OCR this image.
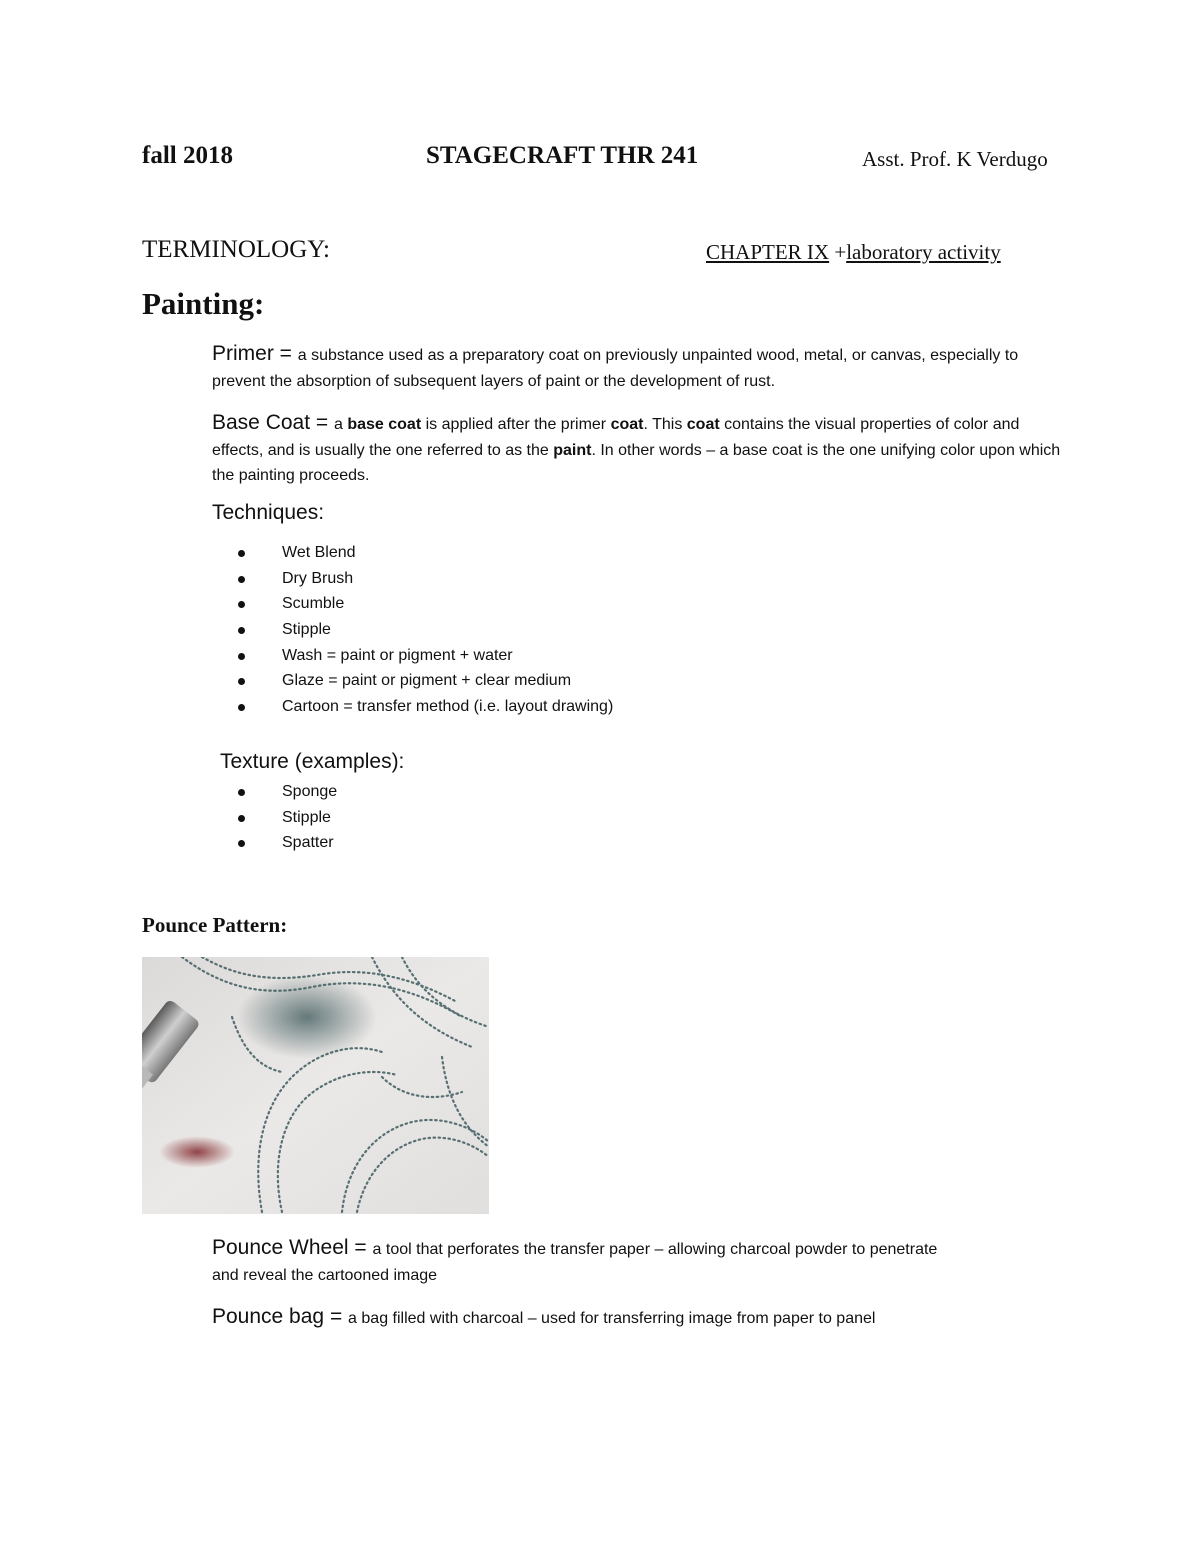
fall 2018	STAGECRAFT THR 241	Asst. Prof. K Verdugo
TERMINOLOGY:	CHAPTER IX +laboratory activity
Painting:
Primer = a substance used as a preparatory coat on previously unpainted wood, metal, or canvas, especially to prevent the absorption of subsequent layers of paint or the development of rust.
Base Coat = a base coat is applied after the primer coat. This coat contains the visual properties of color and effects, and is usually the one referred to as the paint. In other words – a base coat is the one unifying color upon which the painting proceeds.
Techniques:
Wet Blend
Dry Brush
Scumble
Stipple
Wash = paint or pigment + water
Glaze = paint or pigment + clear medium
Cartoon = transfer method (i.e. layout drawing)
Texture (examples):
Sponge
Stipple
Spatter
Pounce Pattern:
Pounce Wheel = a tool that perforates the transfer paper – allowing charcoal powder to penetrate and reveal the cartooned image
Pounce bag = a bag filled with charcoal – used for transferring image from paper to panel
